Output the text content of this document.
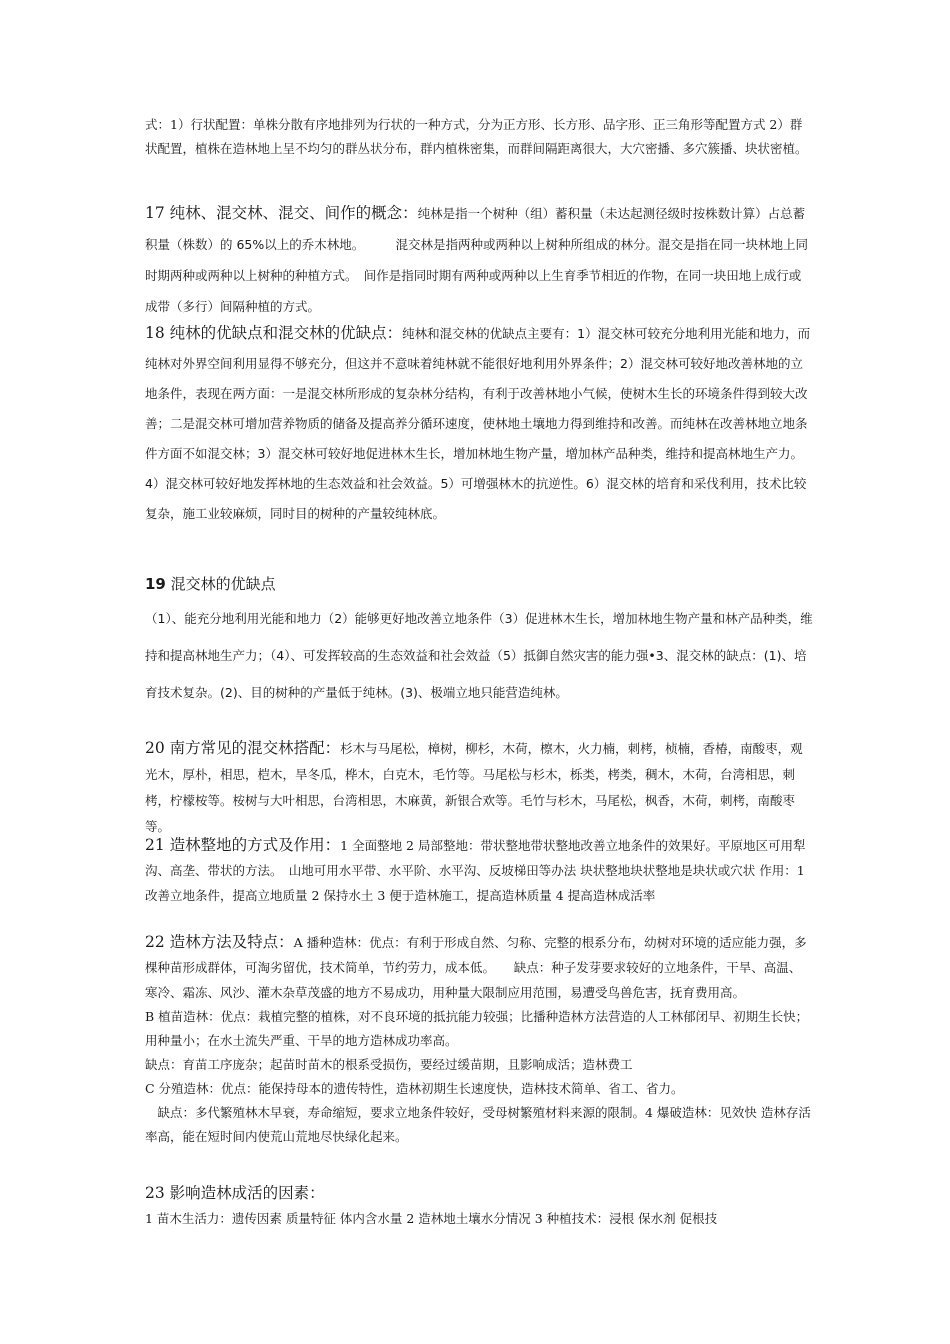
式：1）行状配置：单株分散有序地排列为行状的一种方式，分为正方形、长方形、品字形、正三角形等配置方式 2）群状配置，植株在造林地上呈不均匀的群丛状分布，群内植株密集，而群间隔距离很大，大穴密播、多穴簇播、块状密植。

17 纯林、混交林、混交、间作的概念：纯林是指一个树种（组）蓄积量（未达起测径级时按株数计算）占总蓄积量（株数）的 65%以上的乔木林地。　　　混交林是指两种或两种以上树种所组成的林分。混交是指在同一块林地上同时期两种或两种以上树种的种植方式。　间作是指同时期有两种或两种以上生育季节相近的作物，在同一块田地上成行或成带（多行）间隔种植的方式。

18 纯林的优缺点和混交林的优缺点：纯林和混交林的优缺点主要有：1）混交林可较充分地利用光能和地力，而纯林对外界空间利用显得不够充分，但这并不意味着纯林就不能很好地利用外界条件；2）混交林可较好地改善林地的立地条件，表现在两方面：一是混交林所形成的复杂林分结构，有利于改善林地小气候，使树木生长的环境条件得到较大改善；二是混交林可增加营养物质的储备及提高养分循环速度，使林地土壤地力得到维持和改善。而纯林在改善林地立地条件方面不如混交林；3）混交林可较好地促进林木生长，增加林地生物产量，增加林产品种类，维持和提高林地生产力。4）混交林可较好地发挥林地的生态效益和社会效益。5）可增强林木的抗逆性。6）混交林的培育和采伐利用，技术比较复杂，施工业较麻烦，同时目的树种的产量较纯林底。

19 混交林的优缺点

（1）、能充分地利用光能和地力（2）能够更好地改善立地条件（3）促进林木生长，增加林地生物产量和林产品种类，维持和提高林地生产力；（4）、可发挥较高的生态效益和社会效益（5）抵御自然灾害的能力强•3、混交林的缺点：(1)、培育技术复杂。(2)、目的树种的产量低于纯林。(3)、极端立地只能营造纯林。

20 南方常见的混交林搭配：杉木与马尾松，樟树，柳杉，木荷，檫木，火力楠，刺栲，桢楠，香椿，南酸枣，观光木，厚朴，相思，桤木，旱冬瓜，桦木，白克木，毛竹等。马尾松与杉木，栎类，栲类，稠木，木荷，台湾相思，刺栲，柠檬桉等。桉树与大叶相思，台湾相思，木麻黄，新银合欢等。毛竹与杉木，马尾松，枫香，木荷，刺栲，南酸枣等。

21 造林整地的方式及作用：1 全面整地 2 局部整地：带状整地带状整地改善立地条件的效果好。平原地区可用犁沟、高垄、带状的方法。　山地可用水平带、水平阶、水平沟、反坡梯田等办法 块状整地块状整地是块状或穴状 作用：1 改善立地条件，提高立地质量 2 保持水土 3 便于造林施工，提高造林质量 4 提高造林成活率

22 造林方法及特点：A 播种造林：优点：有利于形成自然、匀称、完整的根系分布，幼树对环境的适应能力强，多棵种苗形成群体，可淘劣留优，技术简单，节约劳力，成本低。　　缺点：种子发芽要求较好的立地条件，干旱、高温、寒冷、霜冻、风沙、灌木杂草茂盛的地方不易成功，用种量大限制应用范围，易遭受鸟兽危害，抚育费用高。
B 植苗造林：优点：栽植完整的植株，对不良环境的抵抗能力较强；比播种造林方法营造的人工林郁闭早、初期生长快；用种量小；在水土流失严重、干旱的地方造林成功率高。
缺点：育苗工序庞杂；起苗时苗木的根系受损伤，要经过缓苗期，且影响成活；造林费工
C 分殖造林：优点：能保持母本的遗传特性，造林初期生长速度快，造林技术简单、省工、省力。
　缺点：多代繁殖林木早衰，寿命缩短，要求立地条件较好，受母树繁殖材料来源的限制。4 爆破造林：见效快 造林存活率高，能在短时间内使荒山荒地尽快绿化起来。
23 影响造林成活的因素：
1 苗木生活力：遗传因素 质量特征 体内含水量 2 造林地土壤水分情况 3 种植技术：浸根 保水剂 促根技
